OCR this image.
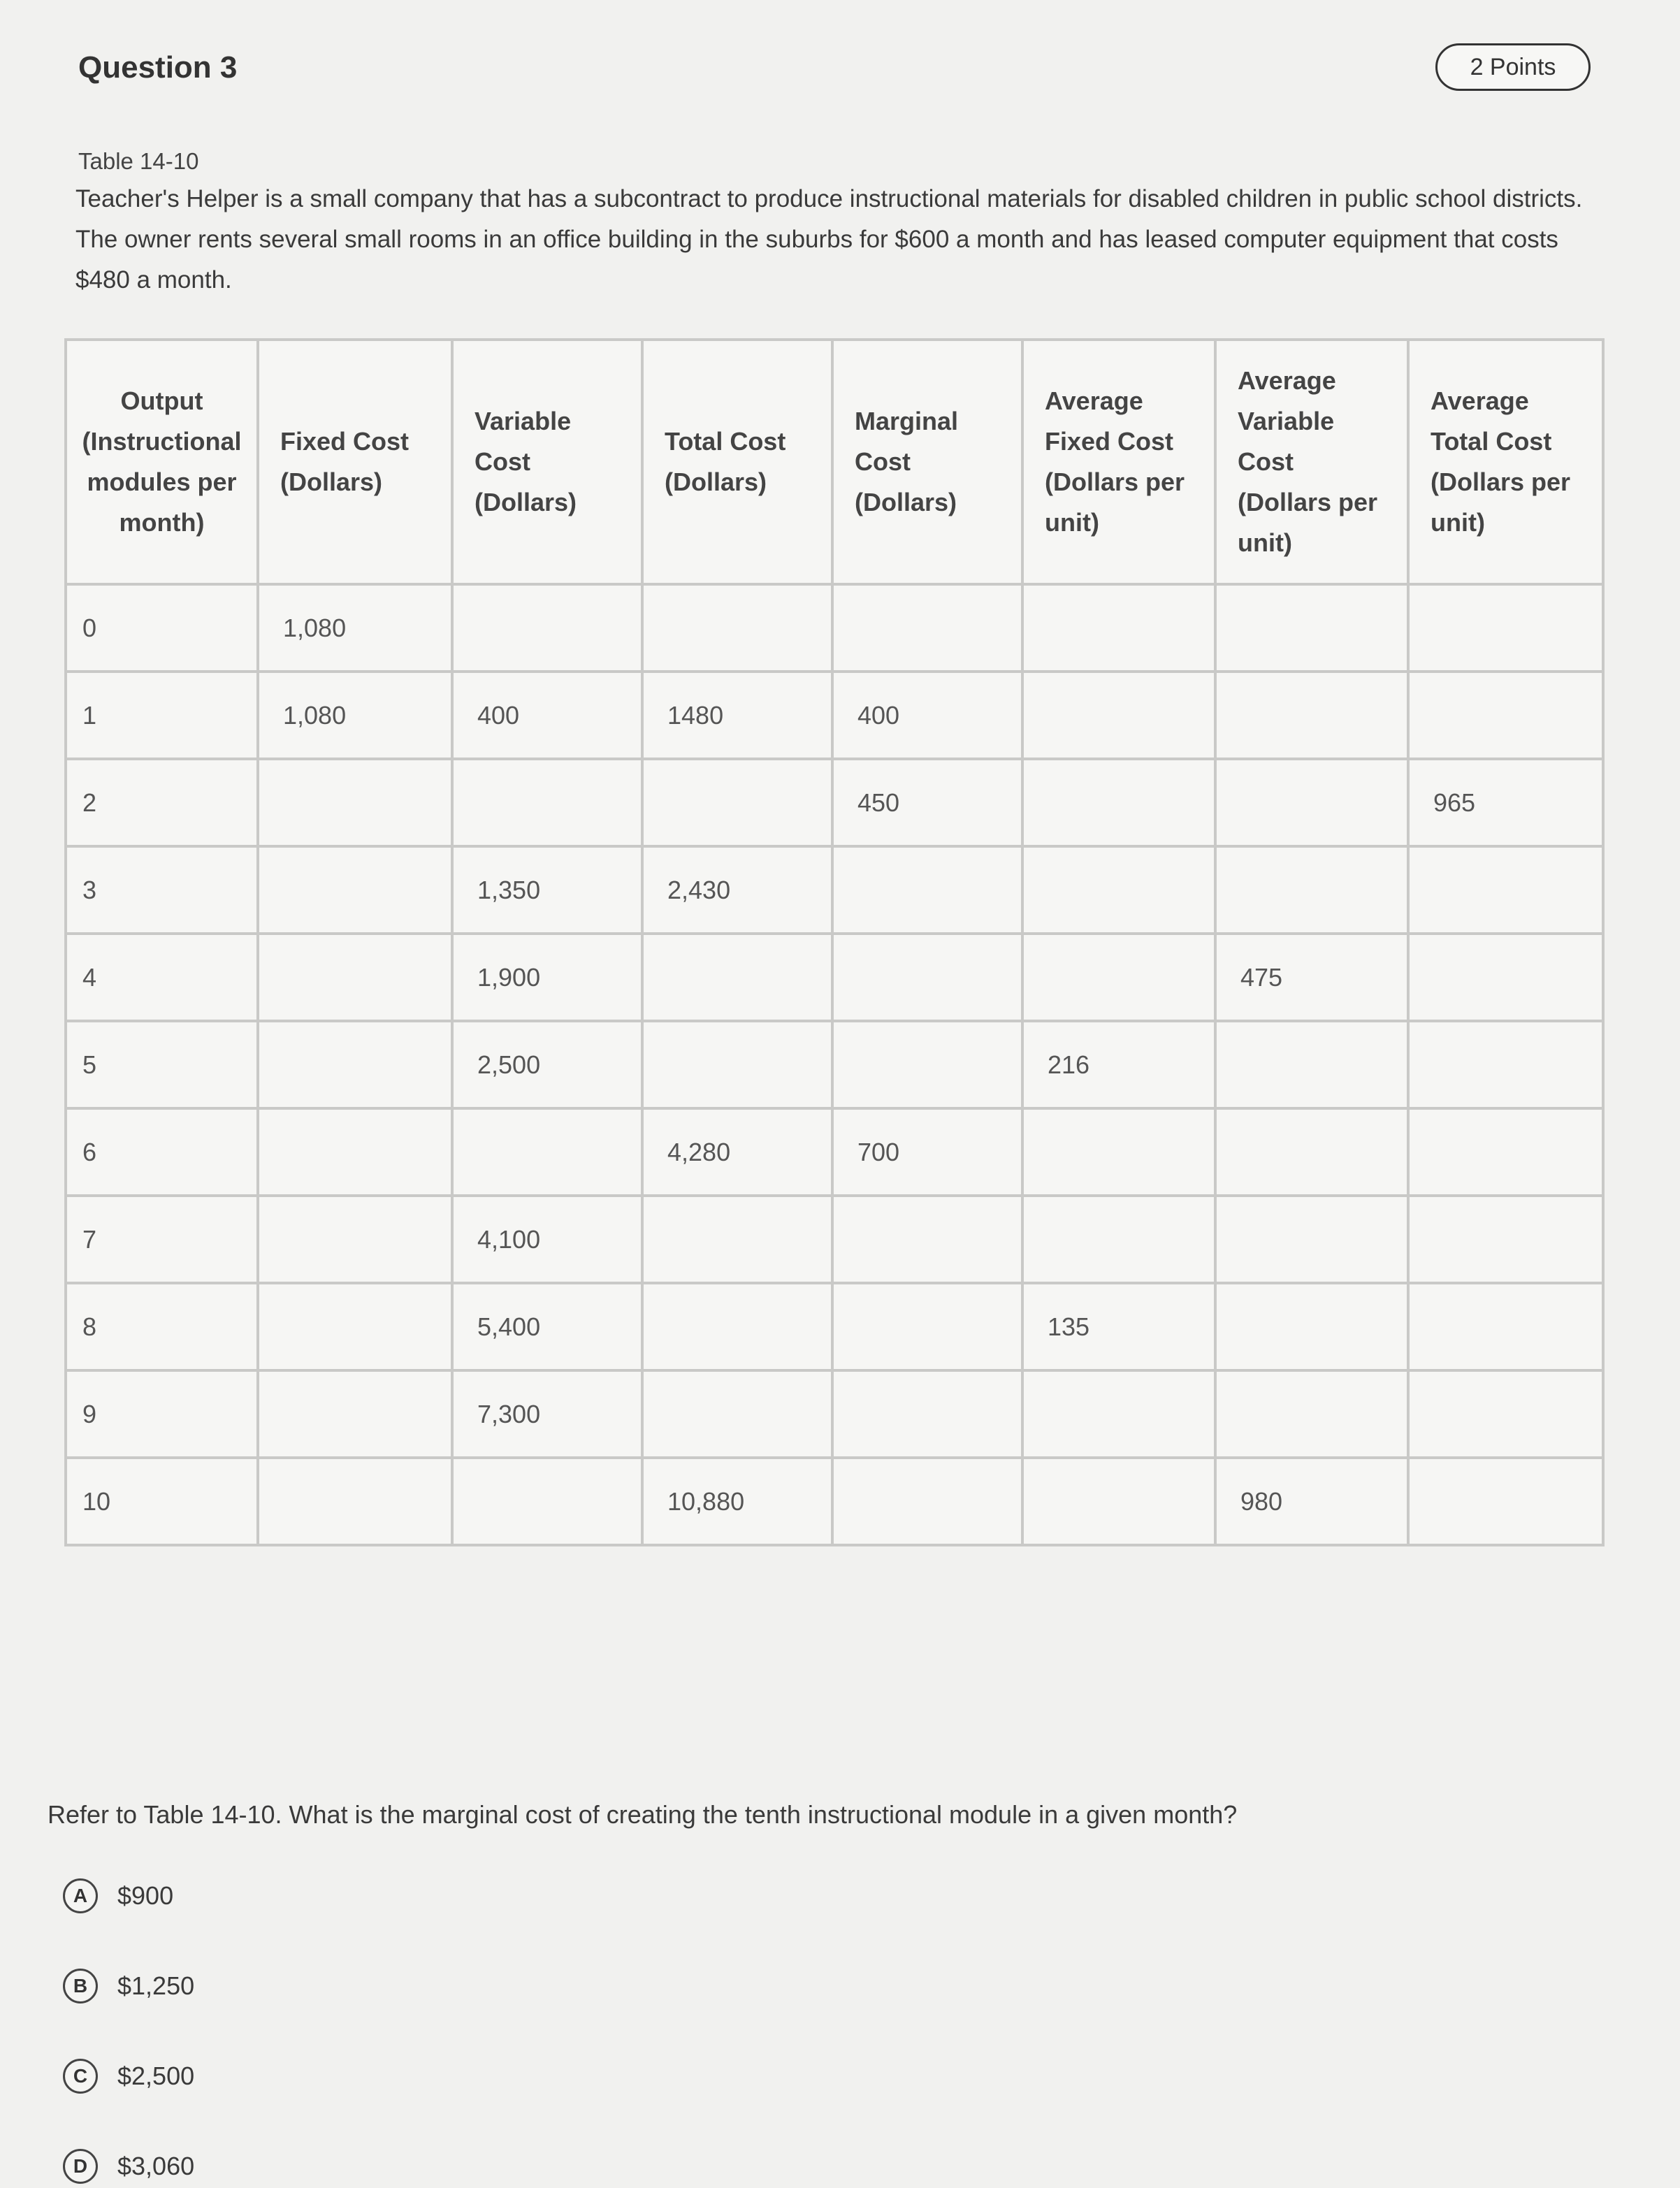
Question 3	2 Points
Table 14-10
Teacher's Helper is a small company that has a subcontract to produce instructional materials for disabled children in public school districts. The owner rents several small rooms in an office building in the suburbs for $600 a month and has leased computer equipment that costs $480 a month.
Output (Instructional modules per month)	Fixed Cost (Dollars)	Variable Cost (Dollars)	Total Cost (Dollars)	Marginal Cost (Dollars)	Average Fixed Cost (Dollars per unit)	Average Variable Cost (Dollars per unit)	Average Total Cost (Dollars per unit)
0	1,080						
1	1,080	400	1480	400			
2				450			965
3		1,350	2,430				
4		1,900				475	
5		2,500			216		
6			4,280	700			
7		4,100					
8		5,400			135		
9		7,300					
10			10,880			980	
Refer to Table 14-10. What is the marginal cost of creating the tenth instructional module in a given month?
A	$900
B	$1,250
C	$2,500
D	$3,060
